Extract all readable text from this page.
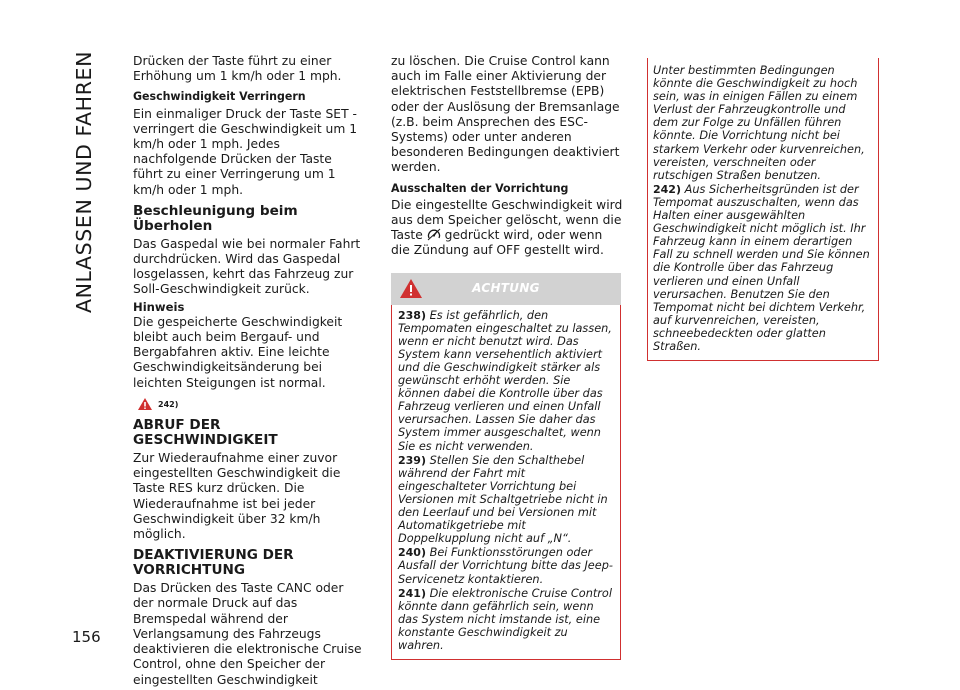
ANLASSEN UND FAHREN
156

Drücken der Taste führt zu einer Erhöhung um 1 km/h oder 1 mph.

Geschwindigkeit Verringern

Ein einmaliger Druck der Taste SET - verringert die Geschwindigkeit um 1 km/h oder 1 mph. Jedes nachfolgende Drücken der Taste führt zu einer Verringerung um 1 km/h oder 1 mph.

Beschleunigung beim Überholen

Das Gaspedal wie bei normaler Fahrt durchdrücken. Wird das Gaspedal losgelassen, kehrt das Fahrzeug zur Soll-Geschwindigkeit zurück.

Hinweis

Die gespeicherte Geschwindigkeit bleibt auch beim Bergauf- und Bergabfahren aktiv. Eine leichte Geschwindigkeitsänderung bei leichten Steigungen ist normal.

242)
ABRUF DER GESCHWINDIGKEIT

Zur Wiederaufnahme einer zuvor eingestellten Geschwindigkeit die Taste RES kurz drücken. Die Wiederaufnahme ist bei jeder Geschwindigkeit über 32 km/h möglich.

DEAKTIVIERUNG DER VORRICHTUNG

Das Drücken des Taste CANC oder der normale Druck auf das Bremspedal während der Verlangsamung des Fahrzeugs deaktivieren die elektronische Cruise Control, ohne den Speicher der eingestellten Geschwindigkeit

zu löschen. Die Cruise Control kann auch im Falle einer Aktivierung der elektrischen Feststellbremse (EPB) oder der Auslösung der Bremsanlage (z.B. beim Ansprechen des ESC-Systems) oder unter anderen besonderen Bedingungen deaktiviert werden.

Ausschalten der Vorrichtung

Die eingestellte Geschwindigkeit wird aus dem Speicher gelöscht, wenn die Taste gedrückt wird, oder wenn die Zündung auf OFF gestellt wird.

ACHTUNG

238) Es ist gefährlich, den Tempomaten eingeschaltet zu lassen, wenn er nicht benutzt wird. Das System kann versehentlich aktiviert und die Geschwindigkeit stärker als gewünscht erhöht werden. Sie können dabei die Kontrolle über das Fahrzeug verlieren und einen Unfall verursachen. Lassen Sie daher das System immer ausgeschaltet, wenn Sie es nicht verwenden.

239) Stellen Sie den Schalthebel während der Fahrt mit eingeschalteter Vorrichtung bei Versionen mit Schaltgetriebe nicht in den Leerlauf und bei Versionen mit Automatikgetriebe mit Doppelkupplung nicht auf „N“.

240) Bei Funktionsstörungen oder Ausfall der Vorrichtung bitte das Jeep-Servicenetz kontaktieren.

241) Die elektronische Cruise Control könnte dann gefährlich sein, wenn das System nicht imstande ist, eine konstante Geschwindigkeit zu wahren.

Unter bestimmten Bedingungen könnte die Geschwindigkeit zu hoch sein, was in einigen Fällen zu einem Verlust der Fahrzeugkontrolle und dem zur Folge zu Unfällen führen könnte. Die Vorrichtung nicht bei starkem Verkehr oder kurvenreichen, vereisten, verschneiten oder rutschigen Straßen benutzen.

242) Aus Sicherheitsgründen ist der Tempomat auszuschalten, wenn das Halten einer ausgewählten Geschwindigkeit nicht möglich ist. Ihr Fahrzeug kann in einem derartigen Fall zu schnell werden und Sie können die Kontrolle über das Fahrzeug verlieren und einen Unfall verursachen. Benutzen Sie den Tempomat nicht bei dichtem Verkehr, auf kurvenreichen, vereisten, schneebedeckten oder glatten Straßen.
